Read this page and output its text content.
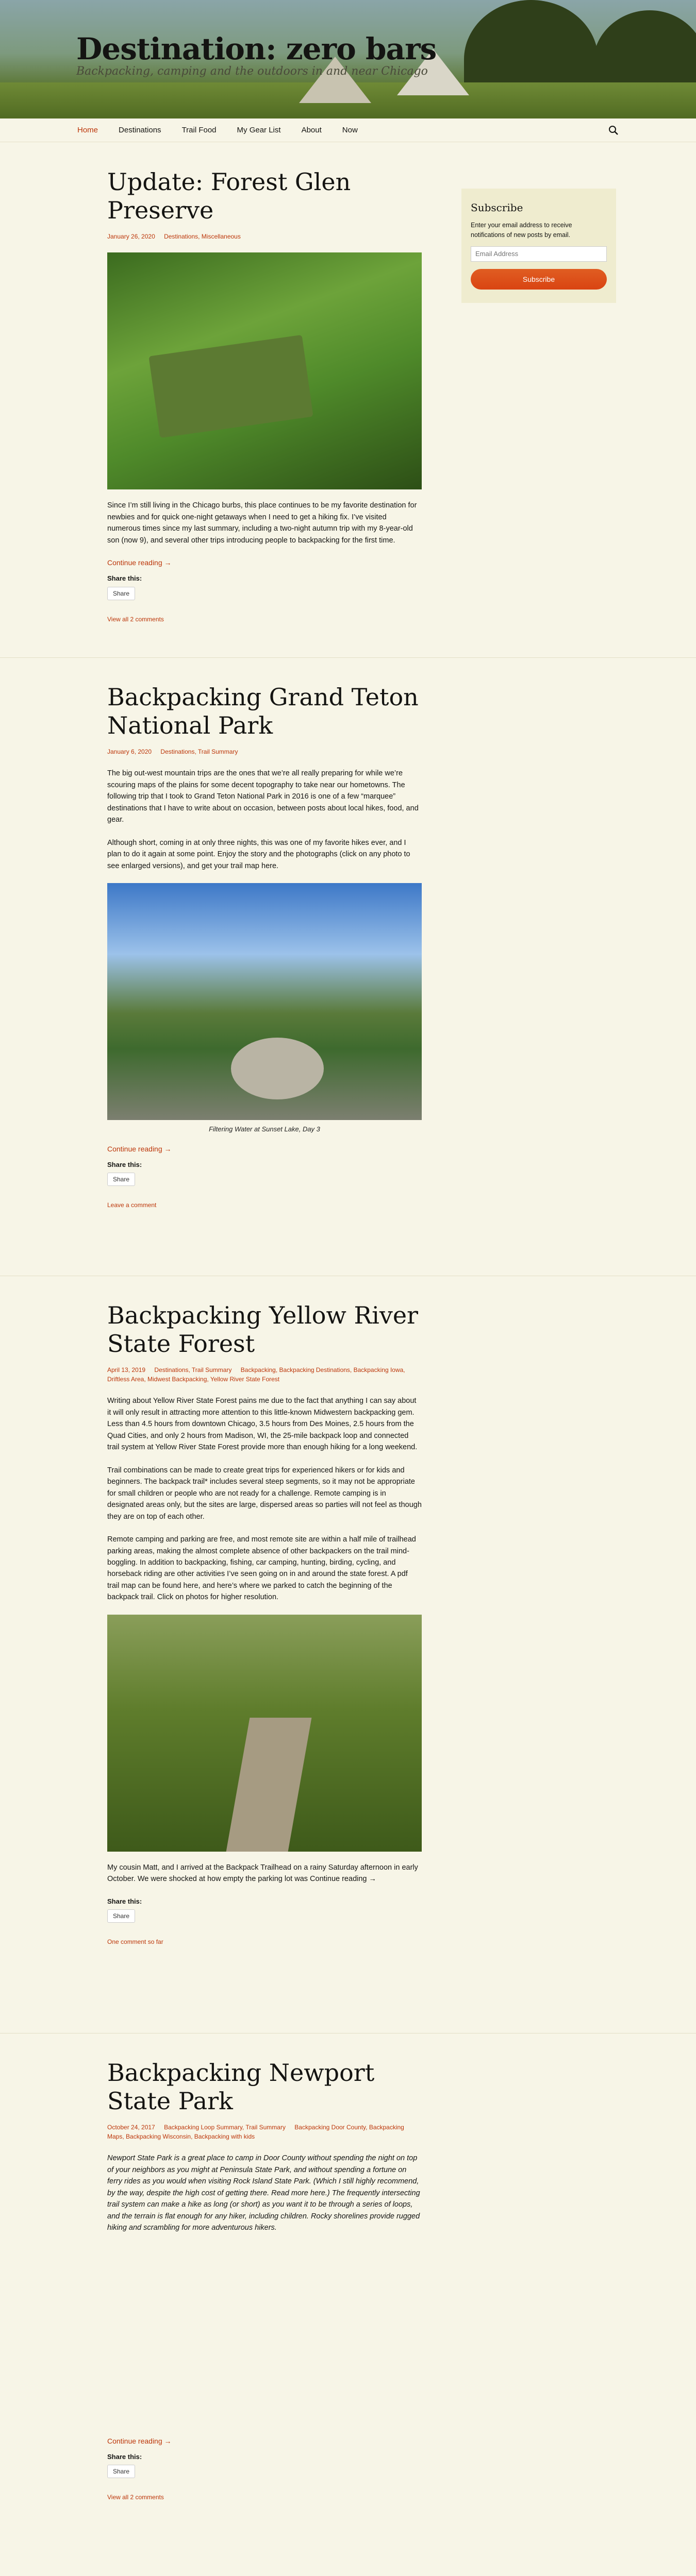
Destination: zero bars
Backpacking, camping and the outdoors in and near Chicago
Home	Destinations	Trail Food	My Gear List	About	Now
Update: Forest Glen Preserve
January 26, 2020 Destinations, Miscellaneous

Since I’m still living in the Chicago burbs, this place continues to be my favorite destination for newbies and for quick one-night getaways when I need to get a hiking fix. I’ve visited numerous times since my last summary, including a two-night autumn trip with my 8-year-old son (now 9), and several other trips introducing people to backpacking for the first time.

Continue reading →
Share this:
Share
View all 2 comments
Backpacking Grand Teton National Park
January 6, 2020 Destinations, Trail Summary

The big out-west mountain trips are the ones that we’re all really preparing for while we’re scouring maps of the plains for some decent topography to take near our hometowns. The following trip that I took to Grand Teton National Park in 2016 is one of a few “marquee” destinations that I have to write about on occasion, between posts about local hikes, food, and gear.

Although short, coming in at only three nights, this was one of my favorite hikes ever, and I plan to do it again at some point. Enjoy the story and the photographs (click on any photo to see enlarged versions), and get your trail map here.

Filtering Water at Sunset Lake, Day 3
Continue reading →
Share this:
Share
Leave a comment
Backpacking Yellow River State Forest
April 13, 2019 Destinations, Trail Summary Backpacking, Backpacking Destinations, Backpacking Iowa, Driftless Area, Midwest Backpacking, Yellow River State Forest

Writing about Yellow River State Forest pains me due to the fact that anything I can say about it will only result in attracting more attention to this little-known Midwestern backpacking gem. Less than 4.5 hours from downtown Chicago, 3.5 hours from Des Moines, 2.5 hours from the Quad Cities, and only 2 hours from Madison, WI, the 25-mile backpack loop and connected trail system at Yellow River State Forest provide more than enough hiking for a long weekend.

Trail combinations can be made to create great trips for experienced hikers or for kids and beginners. The backpack trail* includes several steep segments, so it may not be appropriate for small children or people who are not ready for a challenge. Remote camping is in designated areas only, but the sites are large, dispersed areas so parties will not feel as though they are on top of each other.

Remote camping and parking are free, and most remote site are within a half mile of trailhead parking areas, making the almost complete absence of other backpackers on the trail mind-boggling. In addition to backpacking, fishing, car camping, hunting, birding, cycling, and horseback riding are other activities I’ve seen going on in and around the state forest. A pdf trail map can be found here, and here’s where we parked to catch the beginning of the backpack trail. Click on photos for higher resolution.

My cousin Matt, and I arrived at the Backpack Trailhead on a rainy Saturday afternoon in early October. We were shocked at how empty the parking lot was Continue reading →

Share this:
Share
One comment so far
Backpacking Newport State Park
October 24, 2017 Backpacking Loop Summary, Trail Summary Backpacking Door County, Backpacking Maps, Backpacking Wisconsin, Backpacking with kids

Newport State Park is a great place to camp in Door County without spending the night on top of your neighbors as you might at Peninsula State Park, and without spending a fortune on ferry rides as you would when visiting Rock Island State Park. (Which I still highly recommend, by the way, despite the high cost of getting there. Read more here.) The frequently intersecting trail system can make a hike as long (or short) as you want it to be through a series of loops, and the terrain is flat enough for any hiker, including children. Rocky shorelines provide rugged hiking and scrambling for more adventurous hikers.

Continue reading →
Share this:
Share
View all 2 comments

Subscribe

Enter your email address to receive notifications of new posts by email.

Email Address Subscribe
